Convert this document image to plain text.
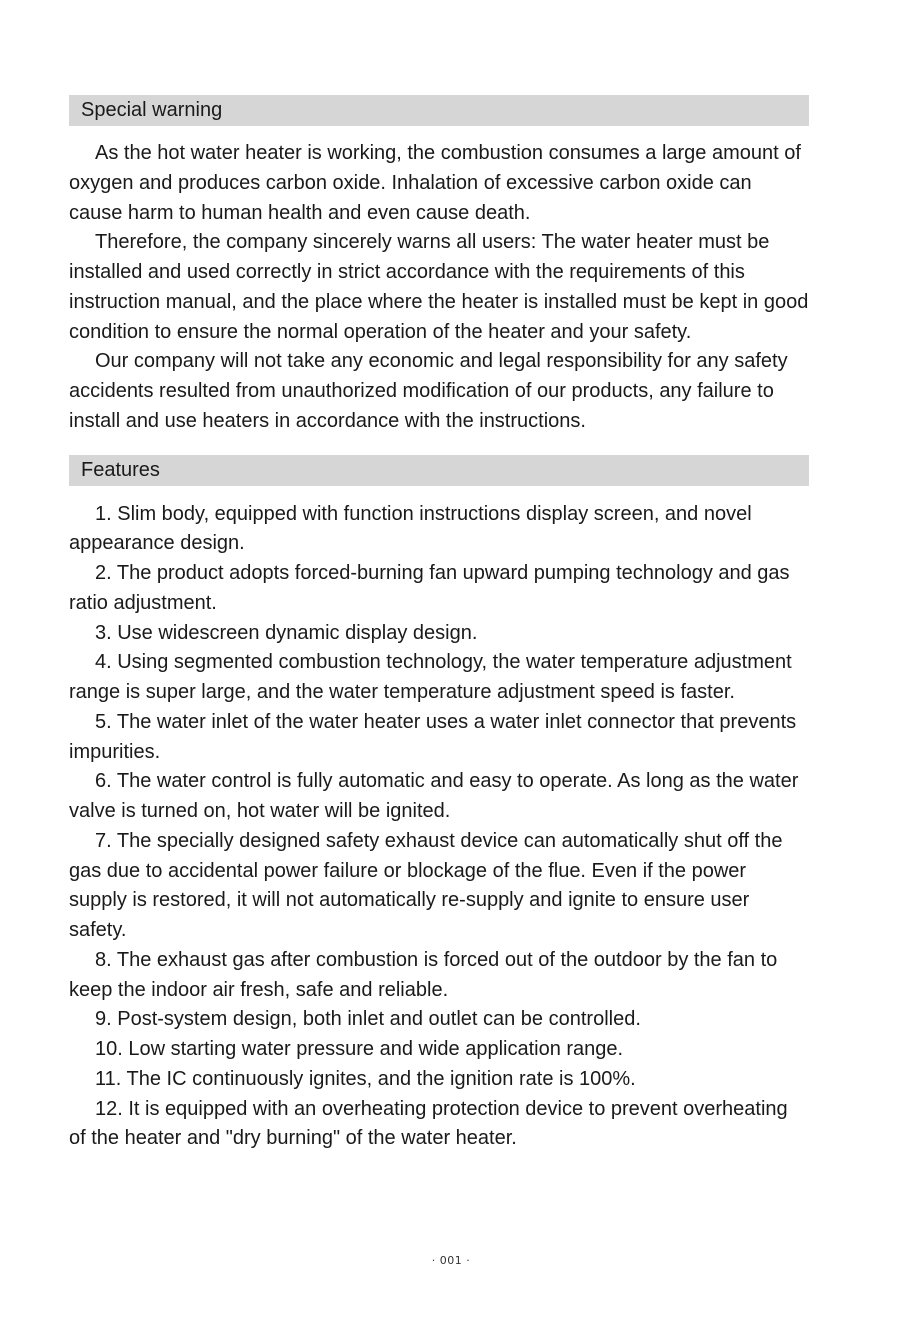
Special warning

As the hot water heater is working, the combustion consumes a large amount of oxygen and produces carbon oxide. Inhalation of excessive carbon oxide can cause harm to human health and even cause death.

Therefore, the company sincerely warns all users: The water heater must be installed and used correctly in strict accordance with the requirements of this instruction manual, and the place where the heater is installed must be kept in good condition to ensure the normal operation of the heater and your safety.

Our company will not take any economic and legal responsibility for any safety accidents resulted from unauthorized modification of our products, any failure to install and use heaters in accordance with the instructions.

Features

1. Slim body, equipped with function instructions display screen, and novel appearance design.

2. The product adopts forced-burning fan upward pumping technology and gas ratio adjustment.

3. Use widescreen dynamic display design.

4. Using segmented combustion technology, the water temperature adjustment range is super large, and the water temperature adjustment speed is faster.

5. The water inlet of the water heater uses a water inlet connector that prevents impurities.

6. The water control is fully automatic and easy to operate. As long as the water valve is turned on, hot water will be ignited.

7. The specially designed safety exhaust device can automatically shut off the gas due to accidental power failure or blockage of the flue. Even if the power supply is restored, it will not automatically re-supply and ignite to ensure user safety.

8. The exhaust gas after combustion is forced out of the outdoor by the fan to keep the indoor air fresh, safe and reliable.

9. Post-system design, both inlet and outlet can be controlled.

10. Low starting water pressure and wide application range.

11. The IC continuously ignites, and the ignition rate is 100%.

12. It is equipped with an overheating protection device to prevent overheating of the heater and "dry burning" of the water heater.

· 001 ·
